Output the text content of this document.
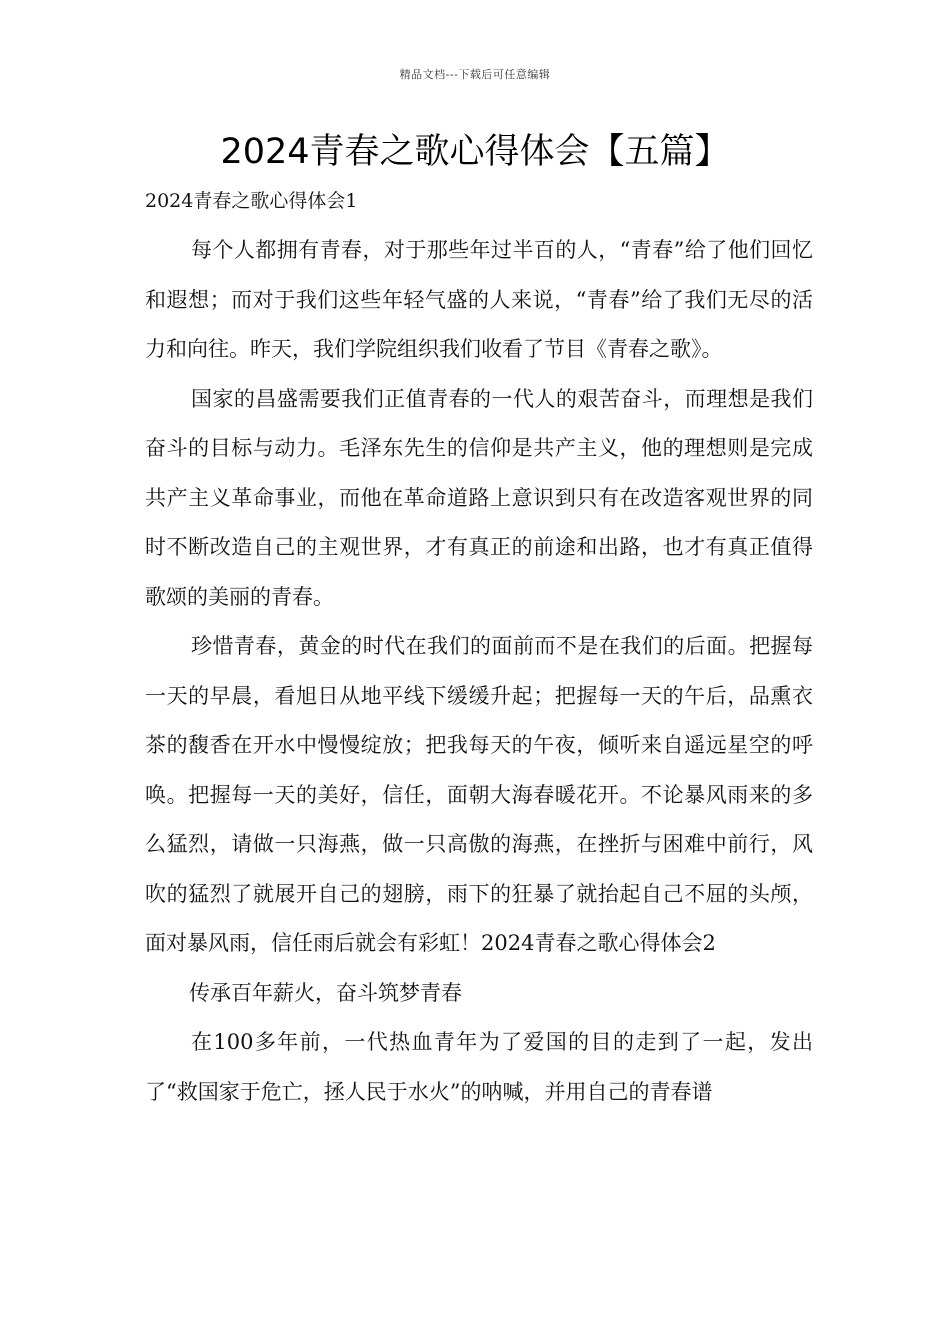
精品文档---下载后可任意编辑
2024青春之歌心得体会【五篇】
2024青春之歌心得体会1

每个人都拥有青春，对于那些年过半百的人，“青春”给了他们回忆和遐想；而对于我们这些年轻气盛的人来说，“青春”给了我们无尽的活力和向往。昨天，我们学院组织我们收看了节目《青春之歌》。

国家的昌盛需要我们正值青春的一代人的艰苦奋斗，而理想是我们奋斗的目标与动力。毛泽东先生的信仰是共产主义，他的理想则是完成共产主义革命事业，而他在革命道路上意识到只有在改造客观世界的同时不断改造自己的主观世界，才有真正的前途和出路，也才有真正值得歌颂的美丽的青春。

珍惜青春，黄金的时代在我们的面前而不是在我们的后面。把握每一天的早晨，看旭日从地平线下缓缓升起；把握每一天的午后，品熏衣茶的馥香在开水中慢慢绽放；把我每天的午夜，倾听来自遥远星空的呼唤。把握每一天的美好，信任，面朝大海春暖花开。不论暴风雨来的多么猛烈，请做一只海燕，做一只高傲的海燕，在挫折与困难中前行，风吹的猛烈了就展开自己的翅膀，雨下的狂暴了就抬起自己不屈的头颅，面对暴风雨，信任雨后就会有彩虹！2024青春之歌心得体会2

传承百年薪火，奋斗筑梦青春

在100多年前，一代热血青年为了爱国的目的走到了一起，发出了“救国家于危亡，拯人民于水火”的呐喊，并用自己的青春谱
